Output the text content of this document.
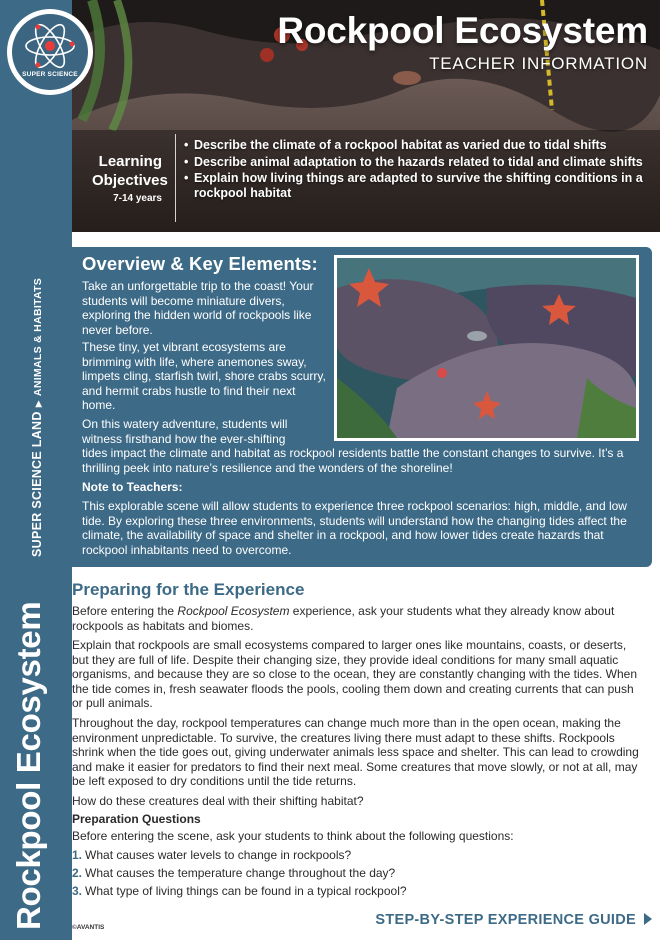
SUPER SCIENCE LAND▶ANIMALS & HABITATS
Rockpool Ecosystem
SUPER SCIENCE
Rockpool Ecosystem
TEACHER INFORMATION
Learning
Objectives
7-14 years
• Describe the climate of a rockpool habitat as varied due to tidal shifts
• Describe animal adaptation to the hazards related to tidal and climate shifts
• Explain how living things are adapted to survive the shifting conditions in a rockpool habitat
Overview & Key Elements:
Take an unforgettable trip to the coast! Your students will become miniature divers, exploring the hidden world of rockpools like never before.
These tiny, yet vibrant ecosystems are brimming with life, where anemones sway, limpets cling, starfish twirl, shore crabs scurry, and hermit crabs hustle to find their next home.
On this watery adventure, students will witness firsthand how the ever-shifting
tides impact the climate and habitat as rockpool residents battle the constant changes to survive. It’s a thrilling peek into nature’s resilience and the wonders of the shoreline!
Note to Teachers:
This explorable scene will allow students to experience three rockpool scenarios: high, middle, and low tide. By exploring these three environments, students will understand how the changing tides affect the climate, the availability of space and shelter in a rockpool, and how lower tides create hazards that rockpool inhabitants need to overcome.
Preparing for the Experience
Before entering the Rockpool Ecosystem experience, ask your students what they already know about rockpools as habitats and biomes.
Explain that rockpools are small ecosystems compared to larger ones like mountains, coasts, or deserts, but they are full of life. Despite their changing size, they provide ideal conditions for many small aquatic organisms, and because they are so close to the ocean, they are constantly changing with the tides. When the tide comes in, fresh seawater floods the pools, cooling them down and creating currents that can push or pull animals.
Throughout the day, rockpool temperatures can change much more than in the open ocean, making the environment unpredictable. To survive, the creatures living there must adapt to these shifts. Rockpools shrink when the tide goes out, giving underwater animals less space and shelter. This can lead to crowding and make it easier for predators to find their next meal. Some creatures that move slowly, or not at all, may be left exposed to dry conditions until the tide returns.
How do these creatures deal with their shifting habitat?
Preparation Questions
Before entering the scene, ask your students to think about the following questions:
1. What causes water levels to change in rockpools?
2. What causes the temperature change throughout the day?
3. What type of living things can be found in a typical rockpool?
©AVANTIS	STEP-BY-STEP EXPERIENCE GUIDE
